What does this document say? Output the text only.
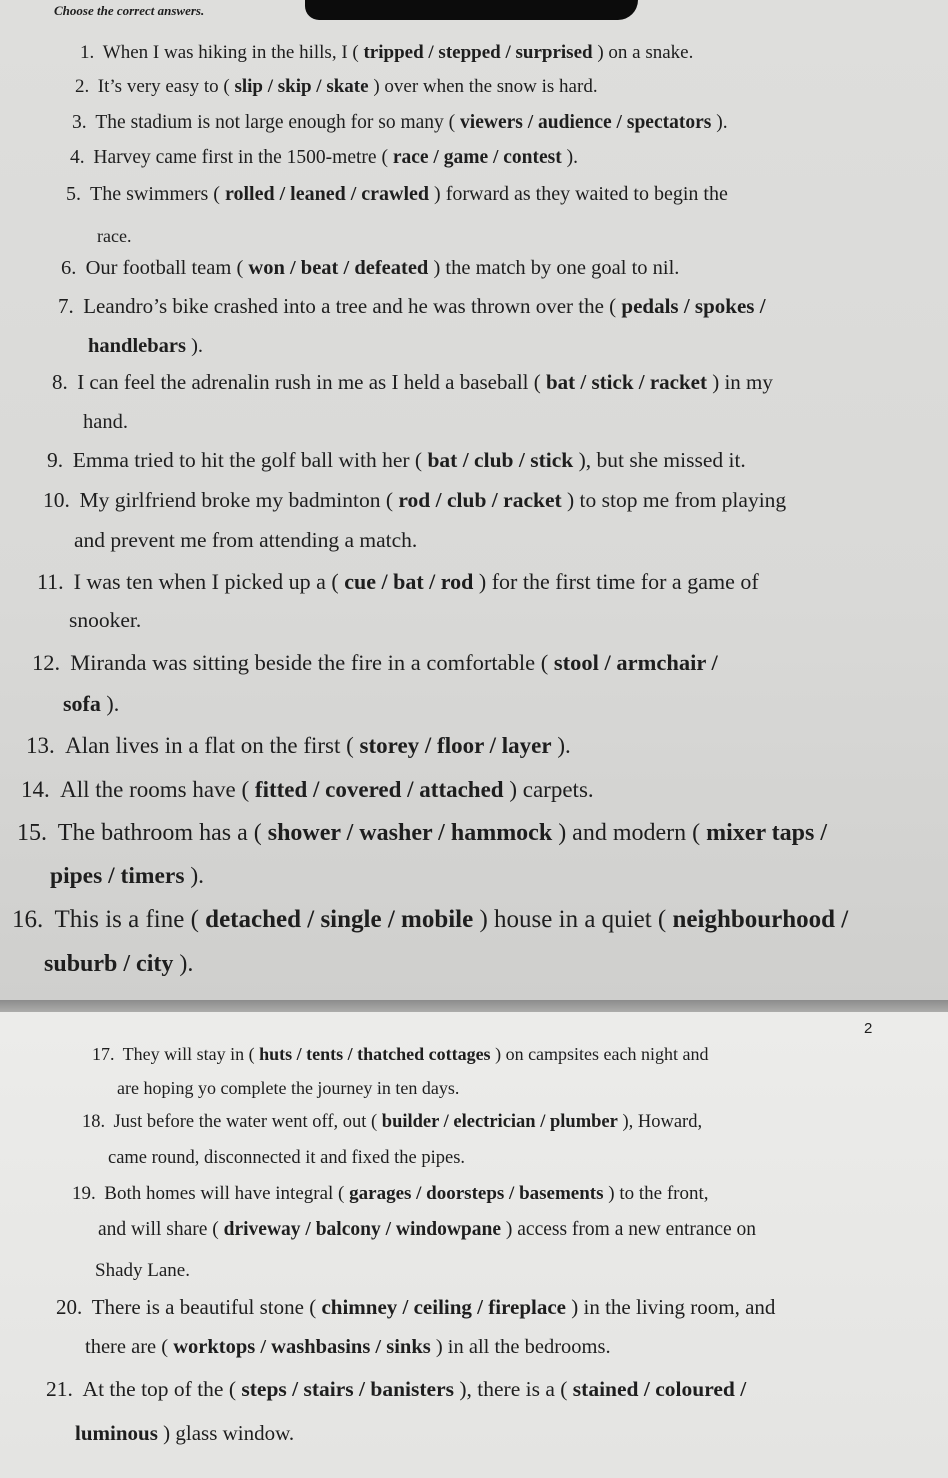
Choose the correct answers.
2
1. When I was hiking in the hills, I ( tripped / stepped / surprised ) on a snake.
2. It’s very easy to ( slip / skip / skate ) over when the snow is hard.
3. The stadium is not large enough for so many ( viewers / audience / spectators ).
4. Harvey came first in the 1500-metre ( race / game / contest ).
5. The swimmers ( rolled / leaned / crawled ) forward as they waited to begin the
race.
6. Our football team ( won / beat / defeated ) the match by one goal to nil.
7. Leandro’s bike crashed into a tree and he was thrown over the ( pedals / spokes /
handlebars ).
8. I can feel the adrenalin rush in me as I held a baseball ( bat / stick / racket ) in my
hand.
9. Emma tried to hit the golf ball with her ( bat / club / stick ), but she missed it.
10. My girlfriend broke my badminton ( rod / club / racket ) to stop me from playing
and prevent me from attending a match.
11. I was ten when I picked up a ( cue / bat / rod ) for the first time for a game of
snooker.
12. Miranda was sitting beside the fire in a comfortable ( stool / armchair /
sofa ).
13. Alan lives in a flat on the first ( storey / floor / layer ).
14. All the rooms have ( fitted / covered / attached ) carpets.
15. The bathroom has a ( shower / washer / hammock ) and modern ( mixer taps /
pipes / timers ).
16. This is a fine ( detached / single / mobile ) house in a quiet ( neighbourhood /
suburb / city ).
17. They will stay in ( huts / tents / thatched cottages ) on campsites each night and
are hoping yo complete the journey in ten days.
18. Just before the water went off, out ( builder / electrician / plumber ), Howard,
came round, disconnected it and fixed the pipes.
19. Both homes will have integral ( garages / doorsteps / basements ) to the front,
and will share ( driveway / balcony / windowpane ) access from a new entrance on
Shady Lane.
20. There is a beautiful stone ( chimney / ceiling / fireplace ) in the living room, and
there are ( worktops / washbasins / sinks ) in all the bedrooms.
21. At the top of the ( steps / stairs / banisters ), there is a ( stained / coloured /
luminous ) glass window.
